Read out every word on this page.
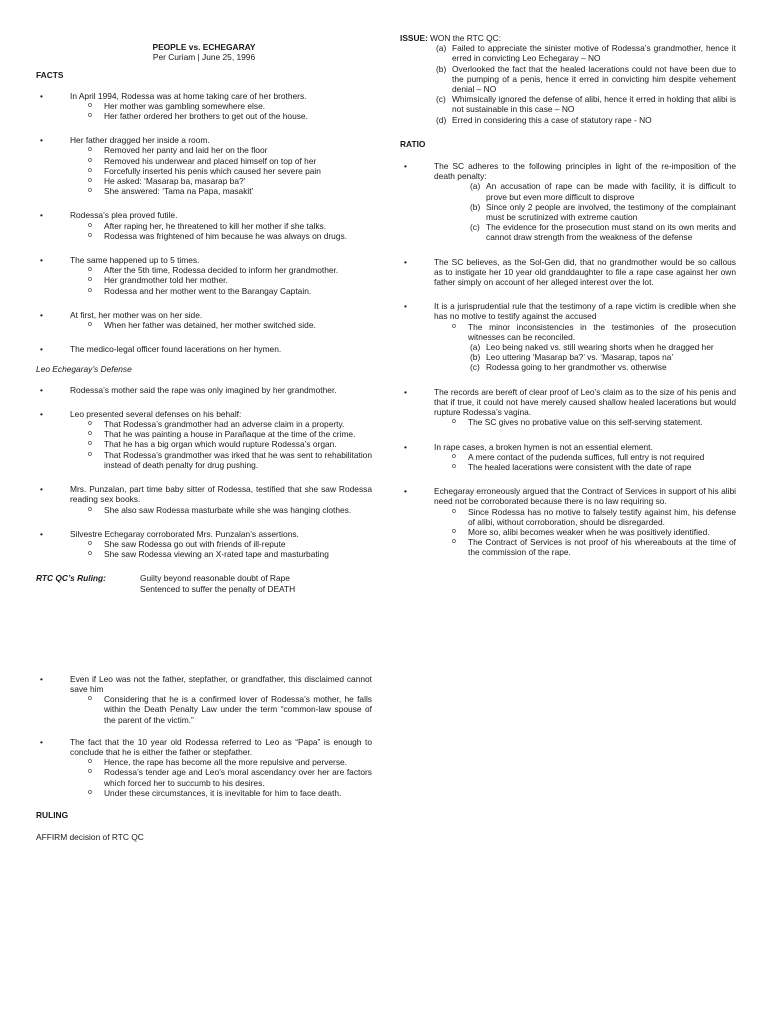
PEOPLE vs. ECHEGARAY
Per Curiam | June 25, 1996
FACTS
• In April 1994, Rodessa was at home taking care of her brothers.
o Her mother was gambling somewhere else.
o Her father ordered her brothers to get out of the house.
• Her father dragged her inside a room.
o Removed her panty and laid her on the floor
o Removed his underwear and placed himself on top of her
o Forcefully inserted his penis which caused her severe pain
o He asked: ‘Masarap ba, masarap ba?’
o She answered: ‘Tama na Papa, masakit’
• Rodessa’s plea proved futile.
o After raping her, he threatened to kill her mother if she talks.
o Rodessa was frightened of him because he was always on drugs.
• The same happened up to 5 times.
o After the 5th time, Rodessa decided to inform her grandmother.
o Her grandmother told her mother.
o Rodessa and her mother went to the Barangay Captain.
• At first, her mother was on her side.
o When her father was detained, her mother switched side.
• The medico-legal officer found lacerations on her hymen.
Leo Echegaray’s Defense
• Rodessa’s mother said the rape was only imagined by her grandmother.
• Leo presented several defenses on his behalf:
o That Rodessa’s grandmother had an adverse claim in a property.
o That he was painting a house in Parañaque at the time of the crime.
o That he has a big organ which would rupture Rodessa’s organ.
o That Rodessa’s grandmother was irked that he was sent to rehabilitation instead of death penalty for drug pushing.
• Mrs. Punzalan, part time baby sitter of Rodessa, testified that she saw Rodessa reading sex books.
o She also saw Rodessa masturbate while she was hanging clothes.
• Silvestre Echegaray corroborated Mrs. Punzalan’s assertions.
o She saw Rodessa go out with friends of ill-repute
o She saw Rodessa viewing an X-rated tape and masturbating
RTC QC’s Ruling:	Guilty beyond reasonable doubt of Rape
Sentenced to suffer the penalty of DEATH
• Even if Leo was not the father, stepfather, or grandfather, this disclaimed cannot save him
o Considering that he is a confirmed lover of Rodessa’s mother, he falls within the Death Penalty Law under the term “common-law spouse of the parent of the victim.”
• The fact that the 10 year old Rodessa referred to Leo as “Papa” is enough to conclude that he is either the father or stepfather.
o Hence, the rape has become all the more repulsive and perverse.
o Rodessa’s tender age and Leo’s moral ascendancy over her are factors which forced her to succumb to his desires.
o Under these circumstances, it is inevitable for him to face death.
RULING
AFFIRM decision of RTC QC
ISSUE: WON the RTC QC:
(a) Failed to appreciate the sinister motive of Rodessa’s grandmother, hence it erred in convicting Leo Echegaray – NO
(b) Overlooked the fact that the healed lacerations could not have been due to the pumping of a penis, hence it erred in convicting him despite vehement denial – NO
(c) Whimsically ignored the defense of alibi, hence it erred in holding that alibi is not sustainable in this case – NO
(d) Erred in considering this a case of statutory rape - NO
RATIO
• The SC adheres to the following principles in light of the re-imposition of the death penalty:
(a) An accusation of rape can be made with facility, it is difficult to prove but even more difficult to disprove
(b) Since only 2 people are involved, the testimony of the complainant must be scrutinized with extreme caution
(c) The evidence for the prosecution must stand on its own merits and cannot draw strength from the weakness of the defense
• The SC believes, as the Sol-Gen did, that no grandmother would be so callous as to instigate her 10 year old granddaughter to file a rape case against her own father simply on account of her alleged interest over the lot.
• It is a jurisprudential rule that the testimony of a rape victim is credible when she has no motive to testify against the accused
o The minor inconsistencies in the testimonies of the prosecution witnesses can be reconciled.
(a) Leo being naked vs. still wearing shorts when he dragged her
(b) Leo uttering ‘Masarap ba?’ vs. ‘Masarap, tapos na’
(c) Rodessa going to her grandmother vs. otherwise
• The records are bereft of clear proof of Leo’s claim as to the size of his penis and that if true, it could not have merely caused shallow healed lacerations but would rupture Rodessa’s vagina.
o The SC gives no probative value on this self-serving statement.
• In rape cases, a broken hymen is not an essential element.
o A mere contact of the pudenda suffices, full entry is not required
o The healed lacerations were consistent with the date of rape
• Echegaray erroneously argued that the Contract of Services in support of his alibi need not be corroborated because there is no law requiring so.
o Since Rodessa has no motive to falsely testify against him, his defense of alibi, without corroboration, should be disregarded.
o More so, alibi becomes weaker when he was positively identified.
o The Contract of Services is not proof of his whereabouts at the time of the commission of the rape.
